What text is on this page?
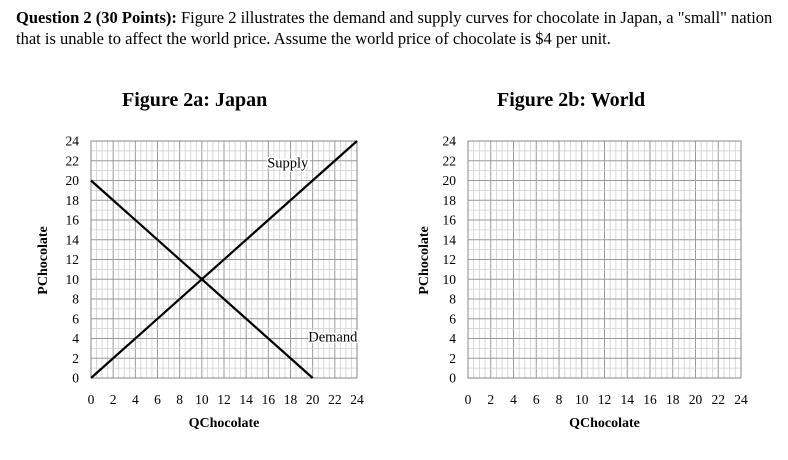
Question 2 (30 Points): Figure 2 illustrates the demand and supply curves for chocolate in Japan, a "small" nation that is unable to affect the world price. Assume the world price of chocolate is $4 per unit.
Figure 2a: Japan	Figure 2b: World
0
2
4
6
8
10
12
14
16
18
20
22
24
0 2 4 6 8 10 12 14 16 18 20 22 24
QChocolate
PChocolate
Supply
Demand
0
2
4
6
8
10
12
14
16
18
20
22
24
0 2 4 6 8 10 12 14 16 18 20 22 24
QChocolate
PChocolate
